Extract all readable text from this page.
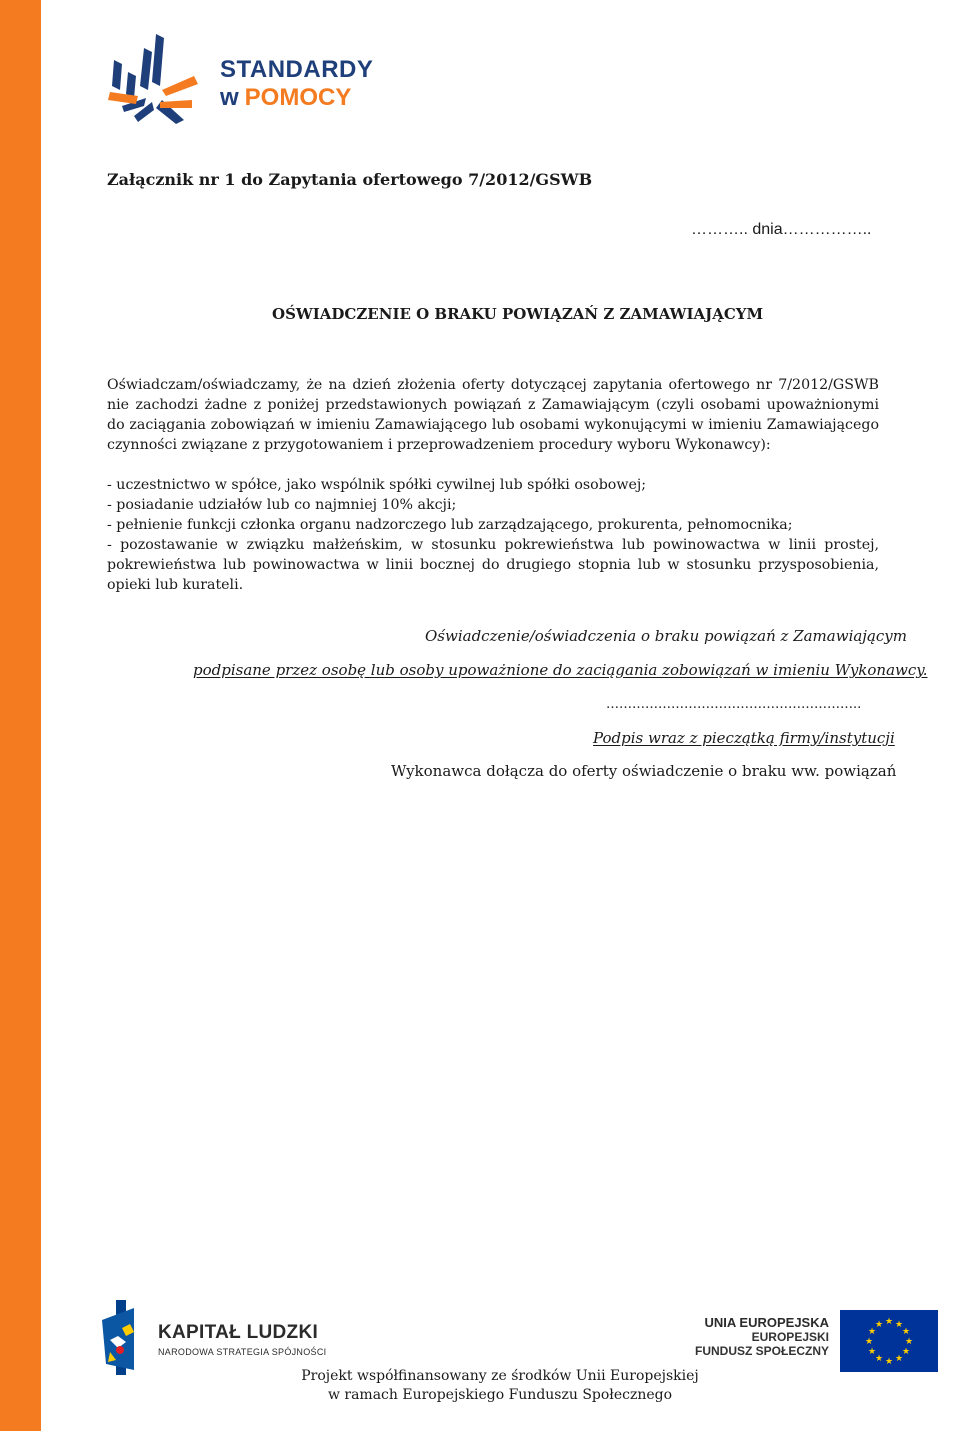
STANDARDY
w POMOCY
Załącznik nr 1 do Zapytania ofertowego 7/2012/GSWB
……….. dnia……………..
OŚWIADCZENIE O BRAKU POWIĄZAŃ Z ZAMAWIAJĄCYM
Oświadczam/oświadczamy, że na dzień złożenia oferty dotyczącej zapytania ofertowego nr 7/2012/GSWB nie zachodzi żadne z poniżej przedstawionych powiązań z Zamawiającym (czyli osobami upoważnionymi do zaciągania zobowiązań w imieniu Zamawiającego lub osobami wykonującymi w imieniu Zamawiającego czynności związane z przygotowaniem i przeprowadzeniem procedury wyboru Wykonawcy):

- uczestnictwo w spółce, jako wspólnik spółki cywilnej lub spółki osobowej;

- posiadanie udziałów lub co najmniej 10% akcji;

- pełnienie funkcji członka organu nadzorczego lub zarządzającego, prokurenta, pełnomocnika;

- pozostawanie w związku małżeńskim, w stosunku pokrewieństwa lub powinowactwa w linii prostej, pokrewieństwa lub powinowactwa w linii bocznej do drugiego stopnia lub w stosunku przysposobienia, opieki lub kurateli.

Oświadczenie/oświadczenia o braku powiązań z Zamawiającym
podpisane przez osobę lub osoby upoważnione do zaciągania zobowiązań w imieniu Wykonawcy.
…………………………………………………..
Podpis wraz z pieczątką firmy/instytucji
Wykonawca dołącza do oferty oświadczenie o braku ww. powiązań
KAPITAŁ LUDZKI
NARODOWA STRATEGIA SPÓJNOŚCI
UNIA EUROPEJSKA
EUROPEJSKI
FUNDUSZ SPOŁECZNY
★ ★
★
★
★
★
★
★
★
★
★
★
Projekt współfinansowany ze środków Unii Europejskiej
w ramach Europejskiego Funduszu Społecznego
